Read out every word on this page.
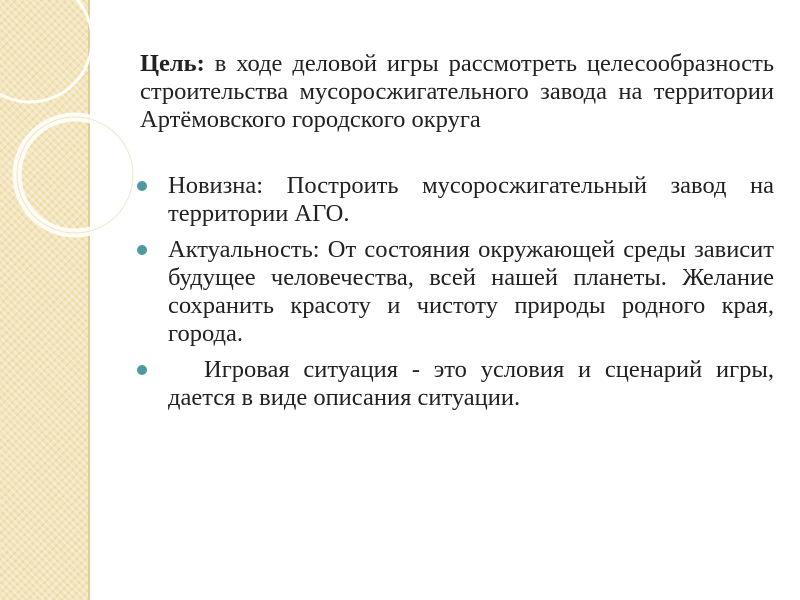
Цель: в ходе деловой игры рассмотреть целесообразность строительства мусоросжигательного завода на территории Артёмовского городского округа

Новизна: Построить мусоросжигательный завод на территории АГО.
Актуальность: От состояния окружающей среды зависит будущее человечества, всей нашей планеты. Желание сохранить красоту и чистоту природы родного края, города.
Игровая ситуация - это условия и сценарий игры, дается в виде описания ситуации.
